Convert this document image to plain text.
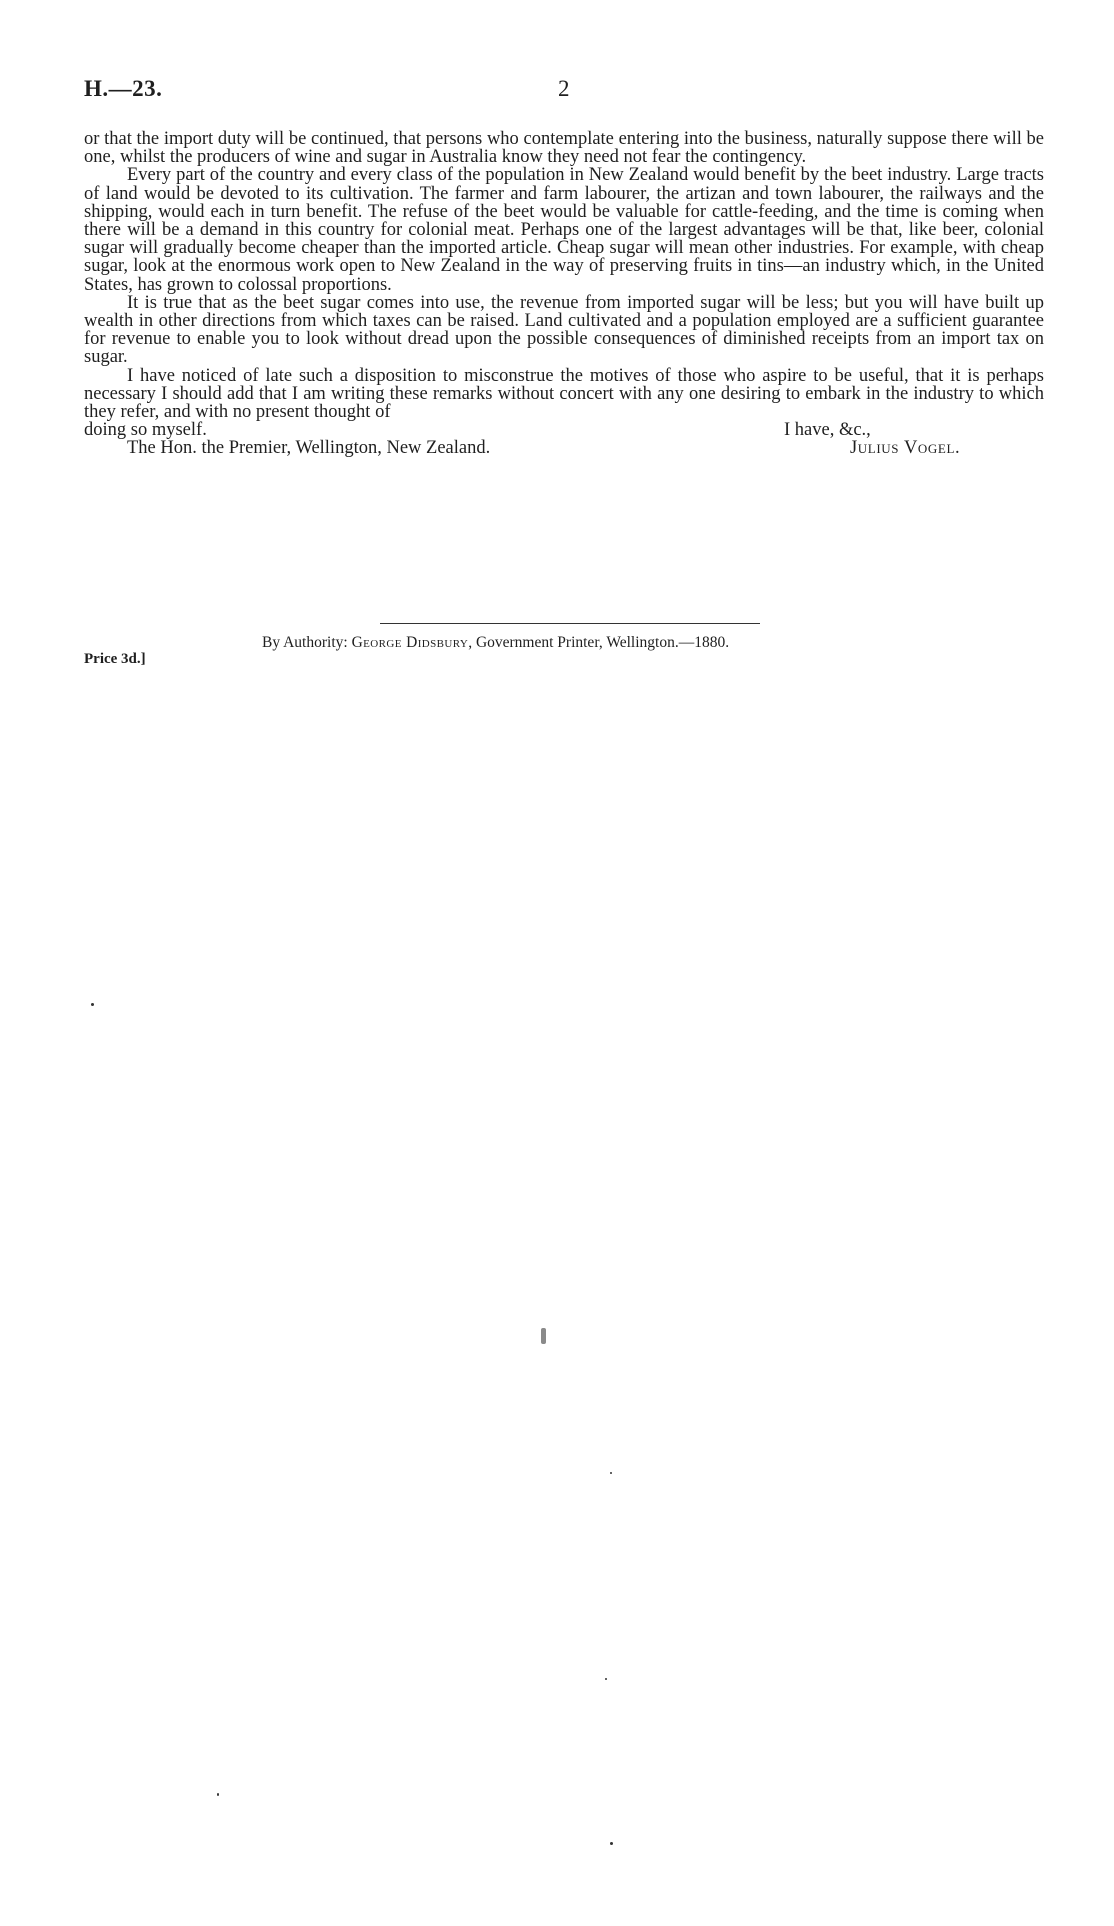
H.—23.	2

or that the import duty will be continued, that persons who contemplate entering into the business, naturally suppose there will be one, whilst the producers of wine and sugar in Australia know they need not fear the contingency.

Every part of the country and every class of the population in New Zealand would benefit by the beet industry. Large tracts of land would be devoted to its cultivation. The farmer and farm labourer, the artizan and town labourer, the railways and the shipping, would each in turn benefit. The refuse of the beet would be valuable for cattle-feeding, and the time is coming when there will be a demand in this country for colonial meat. Perhaps one of the largest advantages will be that, like beer, colonial sugar will gradually become cheaper than the imported article. Cheap sugar will mean other industries. For example, with cheap sugar, look at the enormous work open to New Zealand in the way of preserving fruits in tins—an industry which, in the United States, has grown to colossal proportions.

It is true that as the beet sugar comes into use, the revenue from imported sugar will be less; but you will have built up wealth in other directions from which taxes can be raised. Land cultivated and a population employed are a sufficient guarantee for revenue to enable you to look without dread upon the possible consequences of diminished receipts from an import tax on sugar.

I have noticed of late such a disposition to misconstrue the motives of those who aspire to be useful, that it is perhaps necessary I should add that I am writing these remarks without concert with any one desiring to embark in the industry to which they refer, and with no present thought of

doing so myself.	I have, &c.,
The Hon. the Premier, Wellington, New Zealand.	Julius Vogel.
By Authority: George Didsbury, Government Printer, Wellington.—1880.
Price 3d.]
